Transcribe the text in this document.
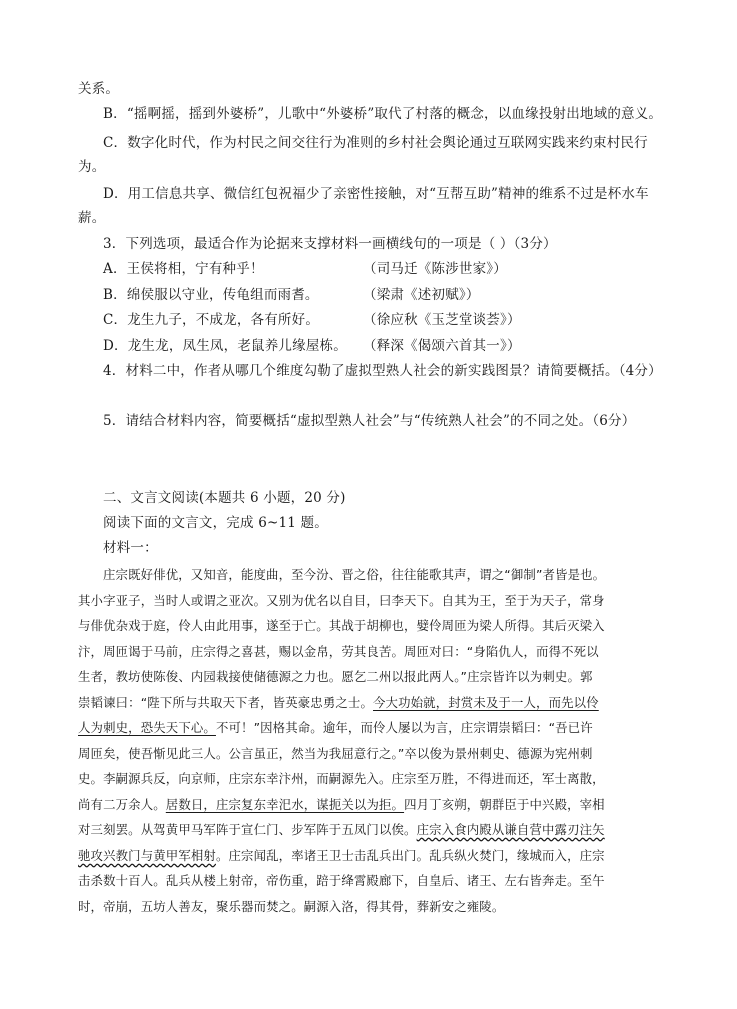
关系。
B．“摇啊摇，摇到外婆桥”，儿歌中“外婆桥”取代了村落的概念，以血缘投射出地域的意义。
C．数字化时代，作为村民之间交往行为准则的乡村社会舆论通过互联网实践来约束村民行
为。
D．用工信息共享、微信红包祝福少了亲密性接触，对“互帮互助”精神的维系不过是杯水车
薪。
3．下列选项，最适合作为论据来支撑材料一画横线句的一项是（ ）（3分）
A．王侯将相，宁有种乎！	（司马迁《陈涉世家》）
B．绵侯服以守业，传龟组而雨耆。	（梁肃《述初赋》）
C．龙生九子，不成龙，各有所好。	（徐应秋《玉芝堂谈荟》）
D．龙生龙，凤生凤，老鼠养儿缘屋栋。 （释深《偈颂六首其一》）
4．材料二中，作者从哪几个维度勾勒了虚拟型熟人社会的新实践图景？请简要概括。（4分）
5．请结合材料内容，简要概括“虚拟型熟人社会”与“传统熟人社会”的不同之处。（6分）
二、文言文阅读(本题共 6 小题，20 分)
阅读下面的文言文，完成 6~11 题。
材料一：
庄宗既好俳优，又知音，能度曲，至今汾、晋之俗，往往能歌其声，谓之“御制”者皆是也。
其小字亚子，当时人或谓之亚次。又别为优名以自目，曰李天下。自其为王，至于为天子，常身
与俳优杂戏于庭，伶人由此用事，遂至于亡。其战于胡柳也，嬖伶周匝为梁人所得。其后灭梁入
汴，周匝谒于马前，庄宗得之喜甚，赐以金帛，劳其良苦。周匝对曰：“身陷仇人，而得不死以
生者，教坊使陈俊、内园栽接使储德源之力也。愿乞二州以报此两人。”庄宗皆许以为刺史。郭
崇韬谏曰：“陛下所与共取天下者，皆英豪忠勇之士。今大功始就，封赏未及于一人，而先以伶
人为刺史，恐失天下心。不可！”因格其命。逾年，而伶人屡以为言，庄宗谓崇韬曰：“吾已许
周匝矣，使吾惭见此三人。公言虽正，然当为我屈意行之。”卒以俊为景州刺史、德源为宪州刺
史。李嗣源兵反，向京师，庄宗东幸汴州，而嗣源先入。庄宗至万胜，不得进而还，军士离散，
尚有二万余人。居数日，庄宗复东幸汜水，谋扼关以为拒。四月丁亥朔，朝群臣于中兴殿，宰相
对三刻罢。从驾黄甲马军阵于宣仁门、步军阵于五凤门以俟。庄宗入食内殿从谦自营中露刃注矢
驰攻兴教门与黄甲军相射。庄宗闻乱，率诸王卫士击乱兵出门。乱兵纵火焚门，缘城而入，庄宗
击杀数十百人。乱兵从楼上射帝，帝伤重，踣于绛霄殿廊下，自皇后、诸王、左右皆奔走。至午
时，帝崩，五坊人善友，聚乐器而焚之。嗣源入洛，得其骨，葬新安之雍陵。
